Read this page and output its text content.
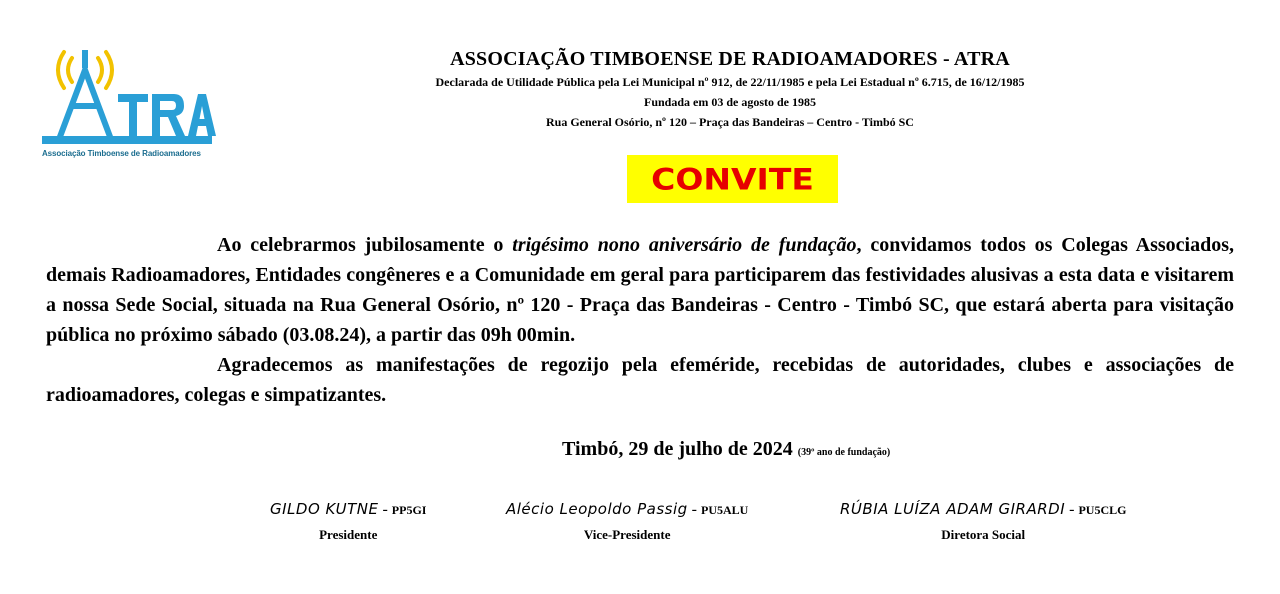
Associação Timboense de Radioamadores
ASSOCIAÇÃO TIMBOENSE DE RADIOAMADORES - ATRA
Declarada de Utilidade Pública pela Lei Municipal nº 912, de 22/11/1985 e pela Lei Estadual nº 6.715, de 16/12/1985
Fundada em 03 de agosto de 1985
Rua General Osório, nº 120 – Praça das Bandeiras – Centro - Timbó SC
CONVITE

Ao celebrarmos jubilosamente o trigésimo nono aniversário de fundação, convidamos todos os Colegas Associados, demais Radioamadores, Entidades congêneres e a Comunidade em geral para participarem das festividades alusivas a esta data e visitarem a nossa Sede Social, situada na Rua General Osório, nº 120 - Praça das Bandeiras - Centro - Timbó SC, que estará aberta para visitação pública no próximo sábado (03.08.24), a partir das 09h 00min.

Agradecemos as manifestações de regozijo pela efeméride, recebidas de autoridades, clubes e associações de radioamadores, colegas e simpatizantes.

Timbó, 29 de julho de 2024 (39º ano de fundação)
GILDO KUTNE - PP5GI
Presidente
Alécio Leopoldo Passig - PU5ALU
Vice-Presidente
RÚBIA LUÍZA ADAM GIRARDI - PU5CLG
Diretora Social
